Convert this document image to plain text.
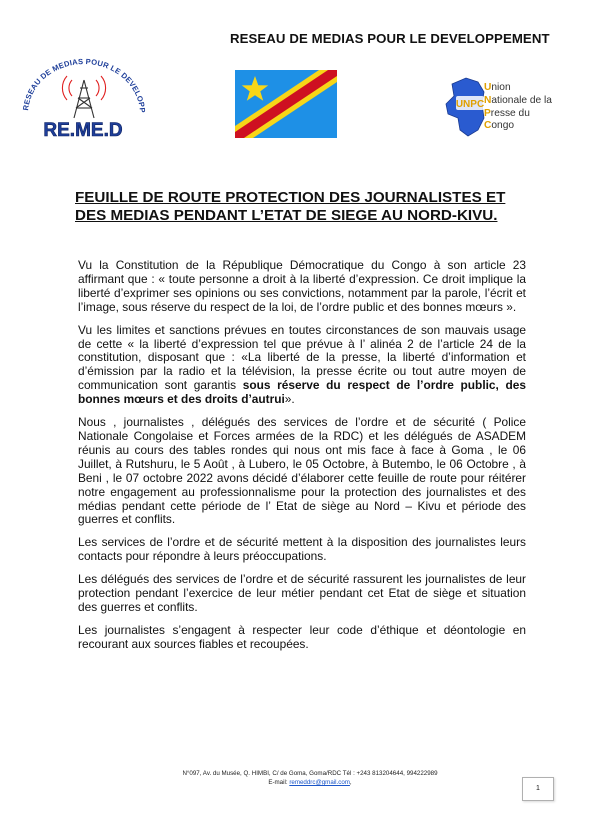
RESEAU DE MEDIAS POUR LE DEVELOPPEMENT
RESEAU DE MEDIAS POUR LE DEVELOPP
RE.ME.D
UNPC
Union
Nationale de la
Presse du
Congo
FEUILLE DE ROUTE PROTECTION DES JOURNALISTES ET
DES MEDIAS PENDANT L’ETAT DE SIEGE AU NORD-KIVU.

Vu la Constitution de la République Démocratique du Congo à son article 23 affirmant que : « toute personne a droit à la liberté d’expression. Ce droit implique la liberté d’exprimer ses opinions ou ses convictions, notamment par la parole, l’écrit et l’image, sous réserve du respect de la loi, de l’ordre public et des bonnes mœurs ».

Vu les limites et sanctions prévues en toutes circonstances de son mauvais usage de cette « la liberté d’expression tel que prévue à l’ alinéa 2 de l’article 24 de la constitution, disposant que : «La liberté de la presse, la liberté d’information et d’émission par la radio et la télévision, la presse écrite ou tout autre moyen de communication sont garantis sous réserve du respect de l’ordre public, des bonnes mœurs et des droits d’autrui».

Nous , journalistes , délégués des services de l’ordre et de sécurité ( Police Nationale Congolaise et Forces armées de la RDC) et les délégués de ASADEM réunis au cours des tables rondes qui nous ont mis face à face à Goma , le 06 Juillet, à Rutshuru, le 5 Août , à Lubero, le 05 Octobre, à Butembo, le 06 Octobre , à Beni , le 07 octobre 2022 avons décidé d’élaborer cette feuille de route pour réitérer notre engagement au professionnalisme pour la protection des journalistes et des médias pendant cette période de l’ Etat de siège au Nord – Kivu et période des guerres et conflits.

Les services de l’ordre et de sécurité mettent à la disposition des journalistes leurs contacts pour répondre à leurs préoccupations.

Les délégués des services de l’ordre et de sécurité rassurent les journalistes de leur protection pendant l’exercice de leur métier pendant cet Etat de siège et situation des guerres et conflits.

Les journalistes s’engagent à respecter leur code d’éthique et déontologie en recourant aux sources fiables et recoupées.

N°097, Av. du Musée, Q. HIMBI, C/ de Goma, Goma/RDC Tél : +243 813204644, 994222989
E-mail: remeddrc@gmail.com,
1
